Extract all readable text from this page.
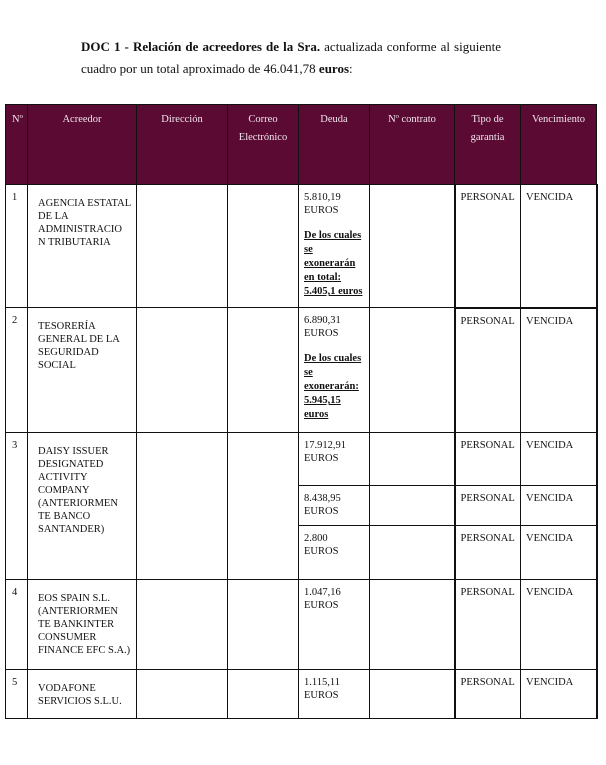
DOC 1 - Relación de acreedores de la Sra. actualizada conforme al siguiente cuadro por un total aproximado de 46.041,78 euros:
Nº	Acreedor	Dirección	Correo Electrónico	Deuda	Nº contrato	Tipo de garantia	Vencimiento

1	AGENCIA ESTATAL DE LA ADMINISTRACIO N TRIBUTARIA			5.810,19 EUROS
De los cuales se exonerarán en total: 5.405,1 euros		PERSONAL	VENCIDA

2	TESORERÍA GENERAL DE LA SEGURIDAD SOCIAL			6.890,31 EUROS
De los cuales se exonerarán: 5.945,15 euros		PERSONAL	VENCIDA

3	DAISY ISSUER DESIGNATED ACTIVITY COMPANY (ANTERIORMEN TE BANCO SANTANDER)			17.912,91 EUROS		PERSONAL	VENCIDA

				8.438,95 EUROS		PERSONAL	VENCIDA

				2.800 EUROS		PERSONAL	VENCIDA

4	EOS SPAIN S.L. (ANTERIORMEN TE BANKINTER CONSUMER FINANCE EFC S.A.)			1.047,16 EUROS		PERSONAL	VENCIDA

5	VODAFONE SERVICIOS S.L.U.			1.115,11 EUROS		PERSONAL	VENCIDA
